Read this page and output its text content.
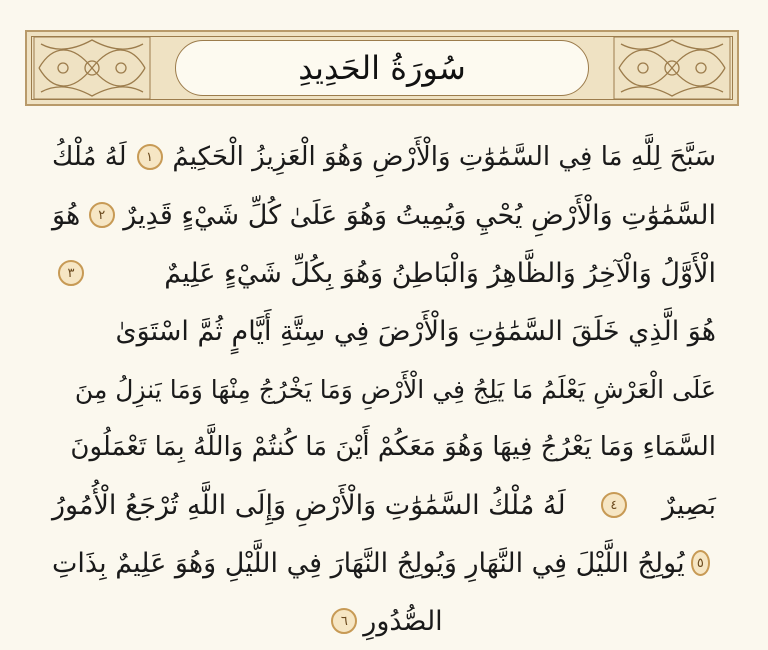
سُورَةُ الحَدِيدِ
سَبَّحَ لِلَّهِ مَا فِي السَّمَٰوَٰتِ وَالْأَرْضِ وَهُوَ الْعَزِيزُ الْحَكِيمُ
١
لَهُ مُلْكُ
السَّمَٰوَٰتِ وَالْأَرْضِ يُحْيِ وَيُمِيتُ وَهُوَ عَلَىٰ كُلِّ شَيْءٍ قَدِيرٌ
٢
هُوَ
الْأَوَّلُ وَالْآخِرُ وَالظَّاهِرُ وَالْبَاطِنُ وَهُوَ بِكُلِّ شَيْءٍ عَلِيمٌ
٣
هُوَ الَّذِي خَلَقَ السَّمَٰوَٰتِ وَالْأَرْضَ فِي سِتَّةِ أَيَّامٍ ثُمَّ اسْتَوَىٰ
عَلَى الْعَرْشِ يَعْلَمُ مَا يَلِجُ فِي الْأَرْضِ وَمَا يَخْرُجُ مِنْهَا وَمَا يَنزِلُ مِنَ
السَّمَاءِ وَمَا يَعْرُجُ فِيهَا وَهُوَ مَعَكُمْ أَيْنَ مَا كُنتُمْ وَاللَّهُ بِمَا تَعْمَلُونَ
بَصِيرٌ
٤
لَهُ مُلْكُ السَّمَٰوَٰتِ وَالْأَرْضِ وَإِلَى اللَّهِ تُرْجَعُ الْأُمُورُ
٥
يُولِجُ اللَّيْلَ فِي النَّهَارِ وَيُولِجُ النَّهَارَ فِي اللَّيْلِ وَهُوَ عَلِيمٌ بِذَاتِ
الصُّدُورِ
٦
